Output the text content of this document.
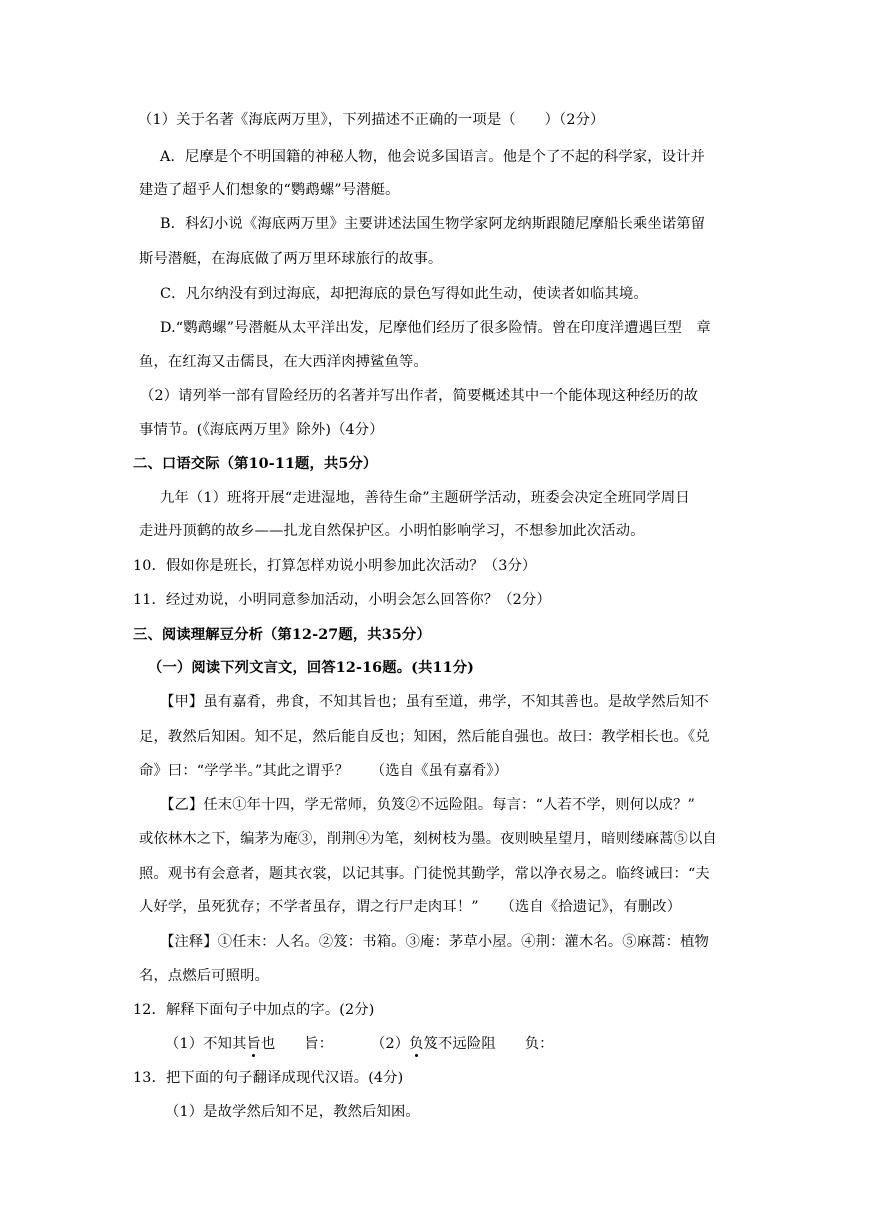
（1）关于名著《海底两万里》，下列描述不正确的一项是（　　）（2分）
A．尼摩是个不明国籍的神秘人物，他会说多国语言。他是个了不起的科学家，设计并
建造了超乎人们想象的“鹦鹉螺”号潜艇。
B．科幻小说《海底两万里》主要讲述法国生物学家阿龙纳斯跟随尼摩船长乘坐诺第留
斯号潜艇，在海底做了两万里环球旅行的故事。
C．凡尔纳没有到过海底，却把海底的景色写得如此生动，使读者如临其境。
D.“鹦鹉螺”号潜艇从太平洋出发，尼摩他们经历了很多险情。曾在印度洋遭遇巨型　章
鱼，在红海又击儒艮，在大西洋肉搏鲨鱼等。
（2）请列举一部有冒险经历的名著并写出作者，简要概述其中一个能体现这种经历的故
事情节。(《海底两万里》除外)（4分）
二、口语交际（第10-11题，共5分）
九年（1）班将开展“走进湿地，善待生命”主题研学活动，班委会决定全班同学周日
走进丹顶鹤的故乡——扎龙自然保护区。小明怕影响学习，不想参加此次活动。
10．假如你是班长，打算怎样劝说小明参加此次活动？（3分）
11．经过劝说，小明同意参加活动，小明会怎么回答你？（2分）
三、阅读理解豆分析（第12-27题，共35分）
（一）阅读下列文言文，回答12-16题。(共11分)
【甲】虽有嘉肴，弗食，不知其旨也；虽有至道，弗学，不知其善也。是故学然后知不
足，教然后知困。知不足，然后能自反也；知困，然后能自强也。故曰：教学相长也。《兑
命》曰：“学学半。”其此之谓乎？　　（选自《虽有嘉肴》）
【乙】任末①年十四，学无常师，负笈②不远险阻。每言：“人若不学，则何以成？”
或依林木之下，编茅为庵③，削荆④为笔，刻树枝为墨。夜则映星望月，暗则缕麻蒿⑤以自
照。观书有会意者，题其衣裳，以记其事。门徒悦其勤学，常以净衣易之。临终诫曰：“夫
人好学，虽死犹存；不学者虽存，谓之行尸走肉耳！”　　（选自《拾遗记》，有删改）
【注释】①任末：人名。②笈：书箱。③庵：茅草小屋。④荆：灌木名。⑤麻蒿：植物
名，点燃后可照明。
12．解释下面句子中加点的字。(2分)
（1）不知其旨也　　旨：	（2）负笈不远险阻　　负：
13．把下面的句子翻译成现代汉语。(4分)
（1）是故学然后知不足，教然后知困。
